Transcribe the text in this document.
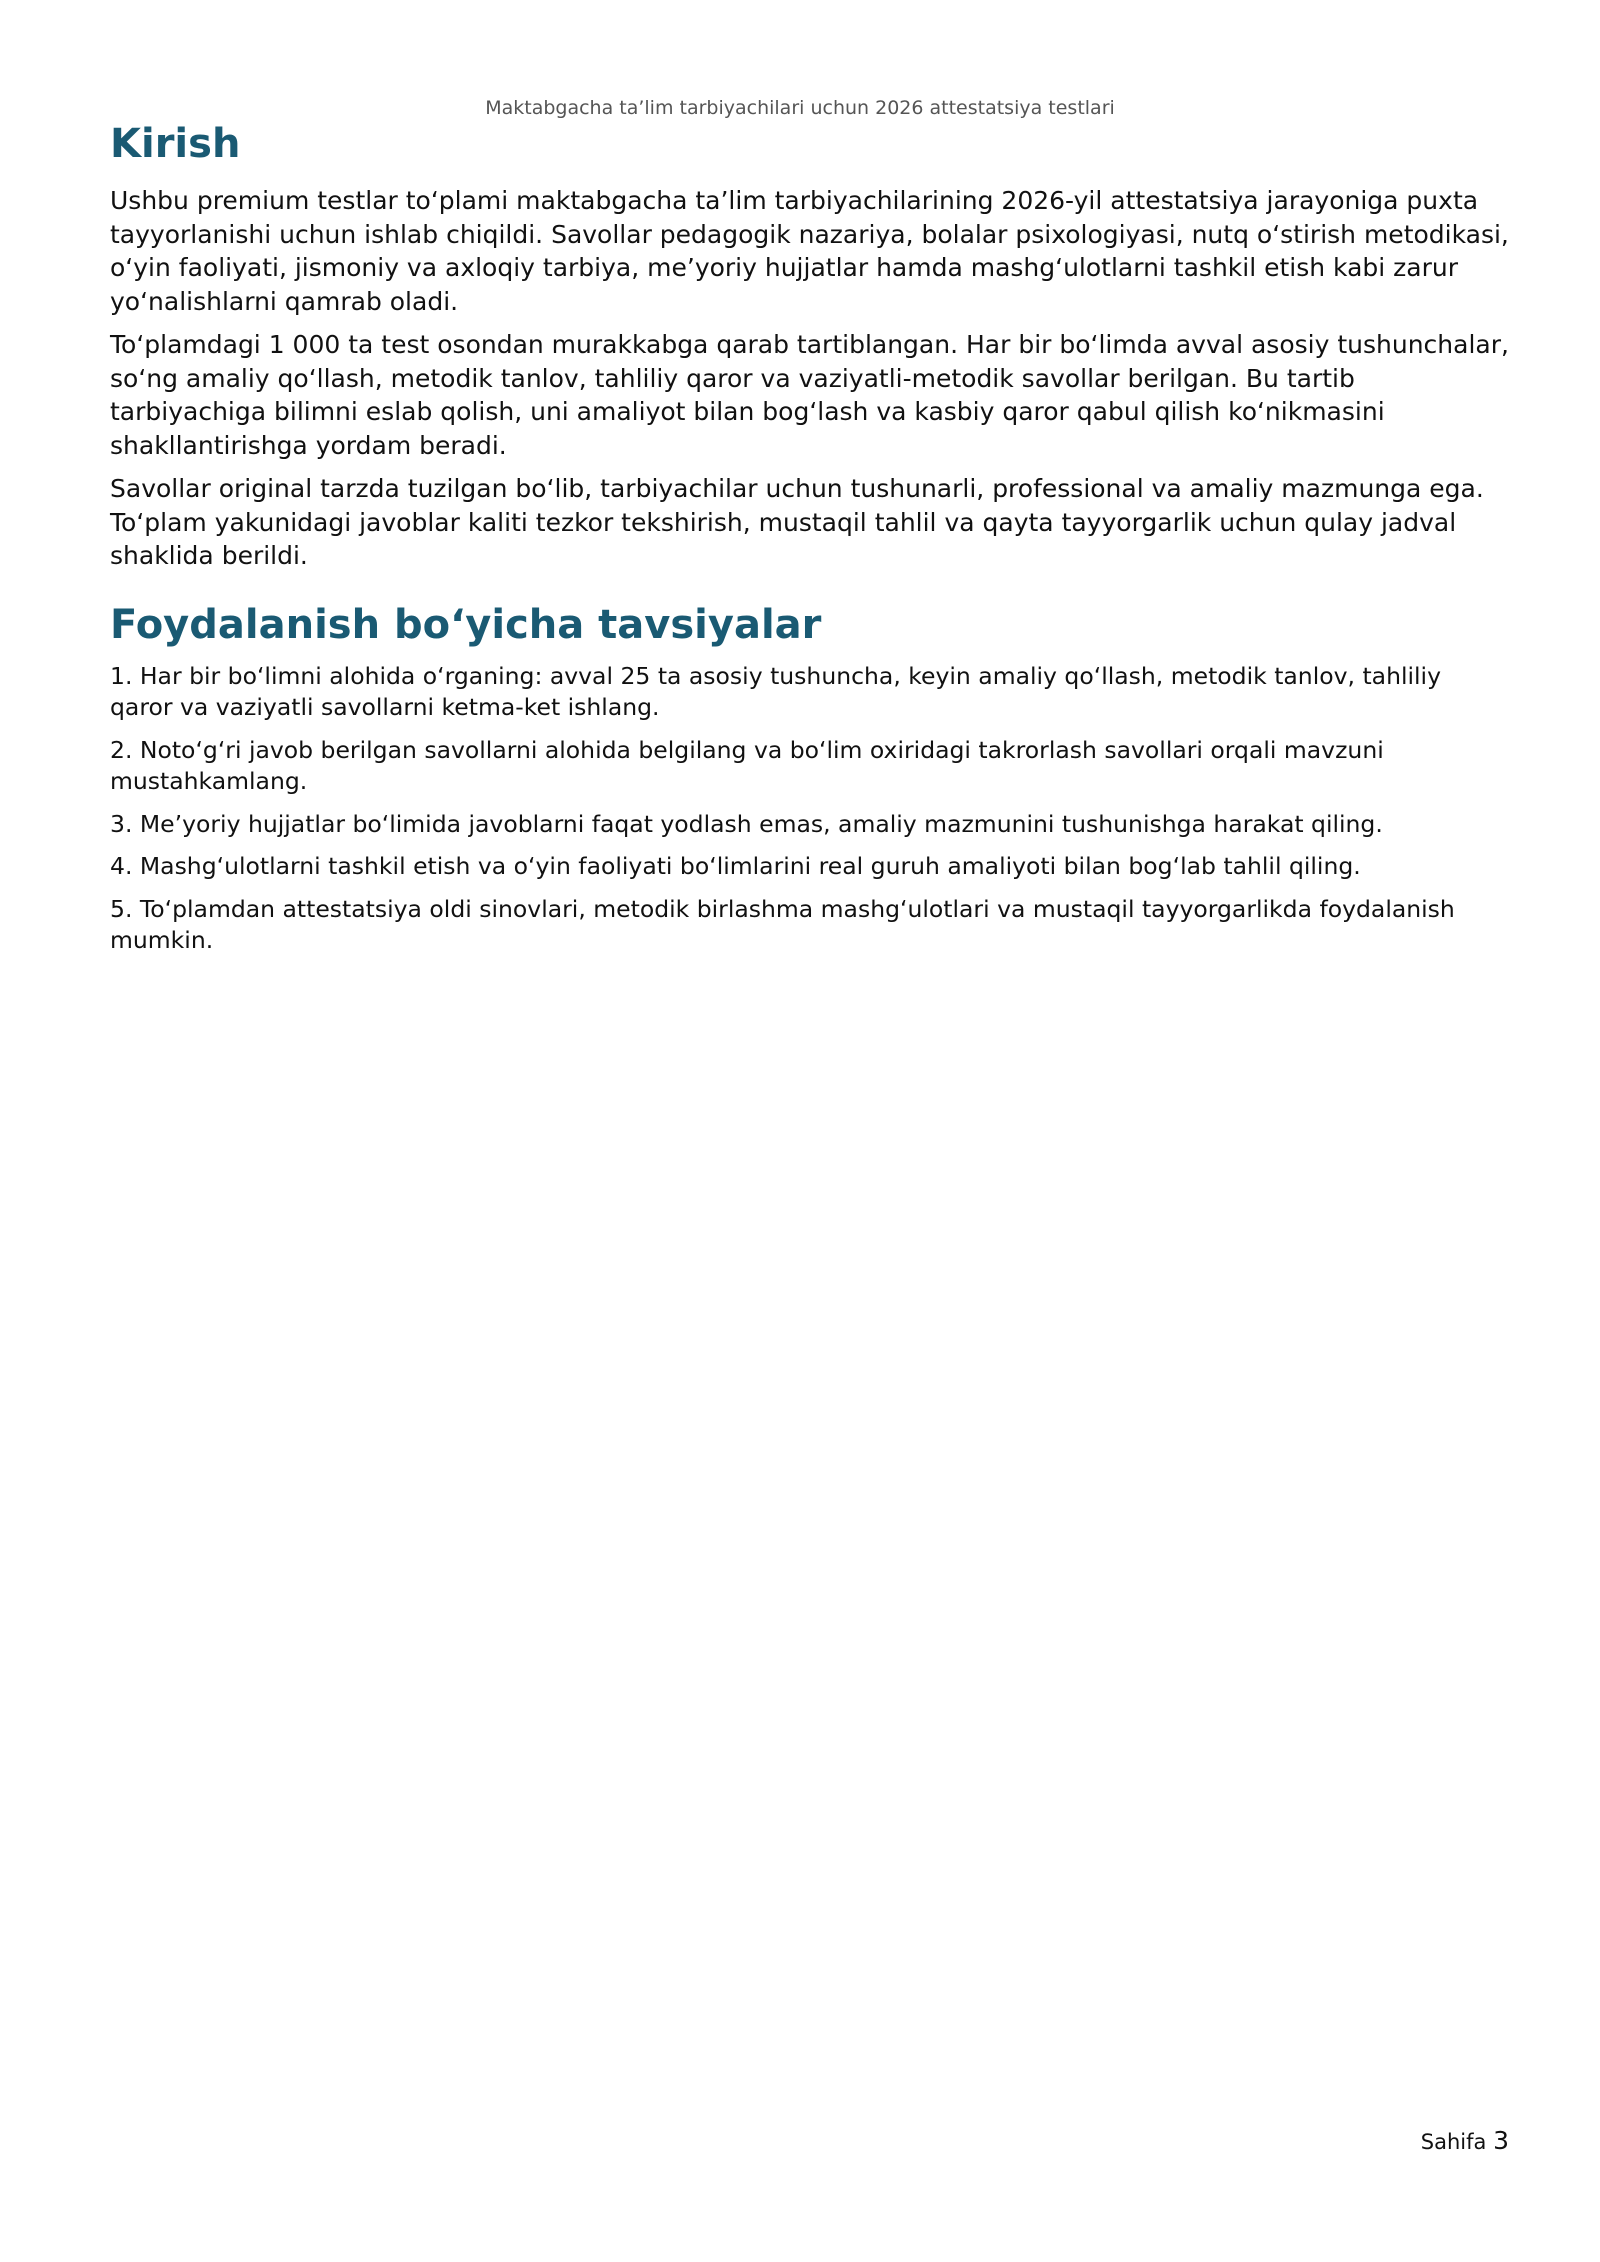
Maktabgacha ta’lim tarbiyachilari uchun 2026 attestatsiya testlari
Kirish

Ushbu premium testlar to‘plami maktabgacha ta’lim tarbiyachilarining 2026-yil attestatsiya jarayoniga puxta tayyorlanishi uchun ishlab chiqildi. Savollar pedagogik nazariya, bolalar psixologiyasi, nutq o‘stirish metodikasi, o‘yin faoliyati, jismoniy va axloqiy tarbiya, me’yoriy hujjatlar hamda mashg‘ulotlarni tashkil etish kabi zarur yo‘nalishlarni qamrab oladi.

To‘plamdagi 1 000 ta test osondan murakkabga qarab tartiblangan. Har bir bo‘limda avval asosiy tushunchalar, so‘ng amaliy qo‘llash, metodik tanlov, tahliliy qaror va vaziyatli-metodik savollar berilgan. Bu tartib tarbiyachiga bilimni eslab qolish, uni amaliyot bilan bog‘lash va kasbiy qaror qabul qilish ko‘nikmasini shakllantirishga yordam beradi.

Savollar original tarzda tuzilgan bo‘lib, tarbiyachilar uchun tushunarli, professional va amaliy mazmunga ega. To‘plam yakunidagi javoblar kaliti tezkor tekshirish, mustaqil tahlil va qayta tayyorgarlik uchun qulay jadval shaklida berildi.

Foydalanish bo‘yicha tavsiyalar

1. Har bir bo‘limni alohida o‘rganing: avval 25 ta asosiy tushuncha, keyin amaliy qo‘llash, metodik tanlov, tahliliy qaror va vaziyatli savollarni ketma-ket ishlang.

2. Noto‘g‘ri javob berilgan savollarni alohida belgilang va bo‘lim oxiridagi takrorlash savollari orqali mavzuni mustahkamlang.

3. Me’yoriy hujjatlar bo‘limida javoblarni faqat yodlash emas, amaliy mazmunini tushunishga harakat qiling.

4. Mashg‘ulotlarni tashkil etish va o‘yin faoliyati bo‘limlarini real guruh amaliyoti bilan bog‘lab tahlil qiling.

5. To‘plamdan attestatsiya oldi sinovlari, metodik birlashma mashg‘ulotlari va mustaqil tayyorgarlikda foydalanish mumkin.

Sahifa 3
